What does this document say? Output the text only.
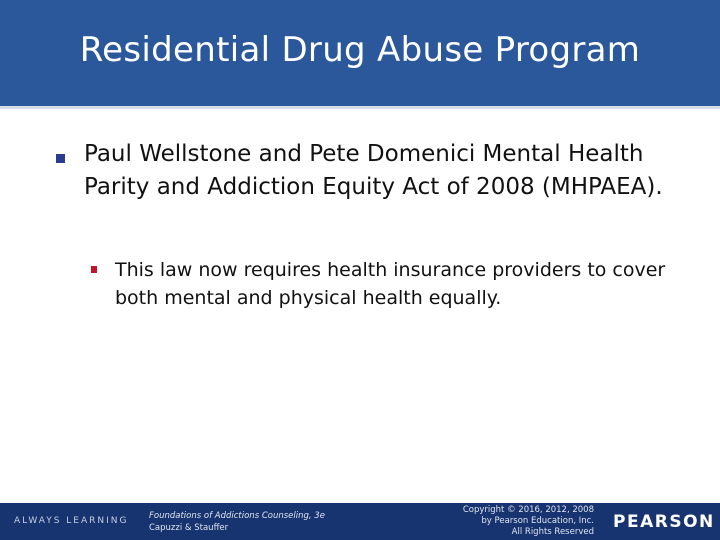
Residential Drug Abuse Program
Paul Wellstone and Pete Domenici Mental Health Parity and Addiction Equity Act of 2008 (MHPAEA).
This law now requires health insurance providers to cover both mental and physical health equally.
ALWAYS LEARNING Foundations of Addictions Counseling, 3e
Capuzzi & Stauffer
Copyright © 2016, 2012, 2008
by Pearson Education, Inc.
All Rights Reserved PEARSON
